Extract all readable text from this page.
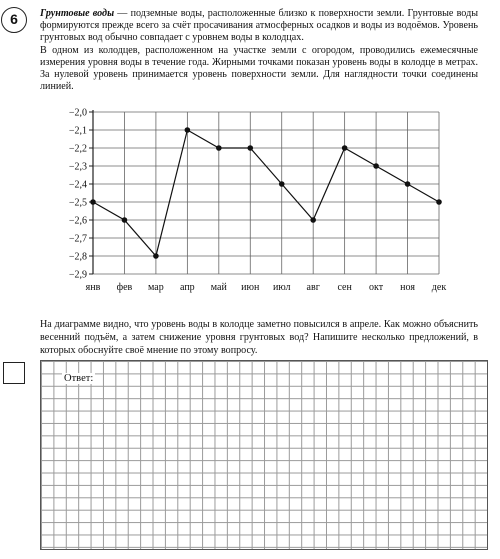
6	Грунтовые воды — подземные воды, расположенные близко к поверхности земли. Грунтовые воды формируются прежде всего за счёт просачивания атмосферных осадков и воды из водоёмов. Уровень грунтовых вод обычно совпадает с уровнем воды в колодцах.

В одном из колодцев, расположенном на участке земли с огородом, проводились ежемесячные измерения уровня воды в течение года. Жирными точками показан уровень воды в колодце в метрах. За нулевой уровень принимается уровень поверхности земли. Для наглядности точки соединены линией.

−2,0
−2,1
−2,2
−2,3
−2,4
−2,5
−2,6
−2,7
−2,8
−2,9
янв фев мар апр май июн июл авг сен окт ноя дек

На диаграмме видно, что уровень воды в колодце заметно повысился в апреле. Как можно объяснить весенний подъём, а затем снижение уровня грунтовых вод? Напишите несколько предложений, в которых обоснуйте своё мнение по этому вопросу.

Ответ:
